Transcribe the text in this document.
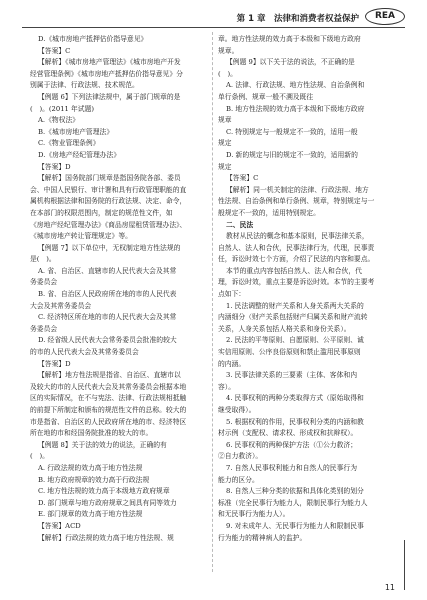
第 1 章　法律和消费者权益保护	REA
D.《城市房地产抵押估价指导意见》
【答案】C
【解析】《城市房地产管理法》《城市房地产开发
经营管理条例》《城市房地产抵押估价指导意见》分
别属于法律、行政法规、技术规范。
【例题 6】下列法律法规中，属于部门规章的是
(　)。(2011 年试题)
A.《物权法》
B.《城市房地产管理法》
C.《物业管理条例》
D.《房地产经纪管理办法》
【答案】D
【解析】国务院部门规章是指国务院各部、委员
会、中国人民银行、审计署和具有行政管理职能的直
属机构根据法律和国务院的行政法规、决定、命令，
在本部门的权限范围内，制定的规范性文件，如
《房地产经纪管理办法》《商品房屋租赁管理办法》、
《城市房地产转让管理规定》等。
【例题 7】以下单位中，无权制定地方性法规的
是(　)。
A. 省、自治区、直辖市的人民代表大会及其常
务委员会
B. 省、自治区人民政府所在地的市的人民代表
大会及其常务委员会
C. 经济特区所在地的市的人民代表大会及其常
务委员会
D. 经省级人民代表大会常务委员会批准的较大
的市的人民代表大会及其常务委员会
【答案】D
【解析】地方性法规是指省、自治区、直辖市以
及较大的市的人民代表大会及其常务委员会根据本地
区的实际情况，在不与宪法、法律、行政法规相抵触
的前提下所制定和颁布的规范性文件的总称。较大的
市是指省、自治区的人民政府所在地的市、经济特区
所在地的市和经国务院批准的较大的市。
【例题 8】关于法的效力的说法，正确的有
(　)。
A. 行政法规的效力高于地方性法规
B. 地方政府规章的效力高于行政法规
C. 地方性法规的效力高于本级地方政府规章
D. 部门规章与地方政府规章之间具有同等效力
E. 部门规章的效力高于地方性法规
【答案】ACD
【解析】行政法规的效力高于地方性法规、规
章。地方性法规的效力高于本级和下级地方政府
规章。
【例题 9】以下关于法的说法，不正确的是
(　)。
A. 法律、行政法规、地方性法规、自治条例和
单行条例、规章一般不溯及既往
B. 地方性法规的效力高于本级和下级地方政府
规章
C. 特别规定与一般规定不一致的，适用一般
规定
D. 新的规定与旧的规定不一致的，适用新的
规定
【答案】C
【解析】同一机关制定的法律、行政法规、地方
性法规、自治条例和单行条例、规章，特别规定与一
般规定不一致的，适用特别规定。
二、民法
教材从民法的概念和基本原则，民事法律关系，
自然人、法人和合伙，民事法律行为，代理，民事责
任，诉讼时效七个方面，介绍了民法的内容和要点。
本节的重点内容包括自然人、法人和合伙，代
理，诉讼时效，重点主要是诉讼时效。本节的主要考
点如下：
1. 民法调整的财产关系和人身关系两大关系的
内涵细分（财产关系包括财产归属关系和财产流转
关系，人身关系包括人格关系和身份关系）。
2. 民法的平等原则、自愿原则、公平原则、诚
实信用原则、公序良俗原则和禁止滥用民事原则
的内涵。
3. 民事法律关系的三要素（主体、客体和内
容）。
4. 民事权利的两种分类取得方式（原始取得和
继受取得）。
5. 根据权利的作用，民事权利分类的内涵和教
材示例（支配权、请求权、形成权和抗辩权）。
6. 民事权利的两种保护方法（①公力救济；
②自力救济）。
7. 自然人民事权利能力和自然人的民事行为
能力的区分。
8. 自然人三种分类的依据和具体化类别的划分
标准（完全民事行为能力人，限制民事行为能力人
和无民事行为能力人）。
9. 对未成年人、无民事行为能力人和限制民事
行为能力的精神病人的监护。
11
